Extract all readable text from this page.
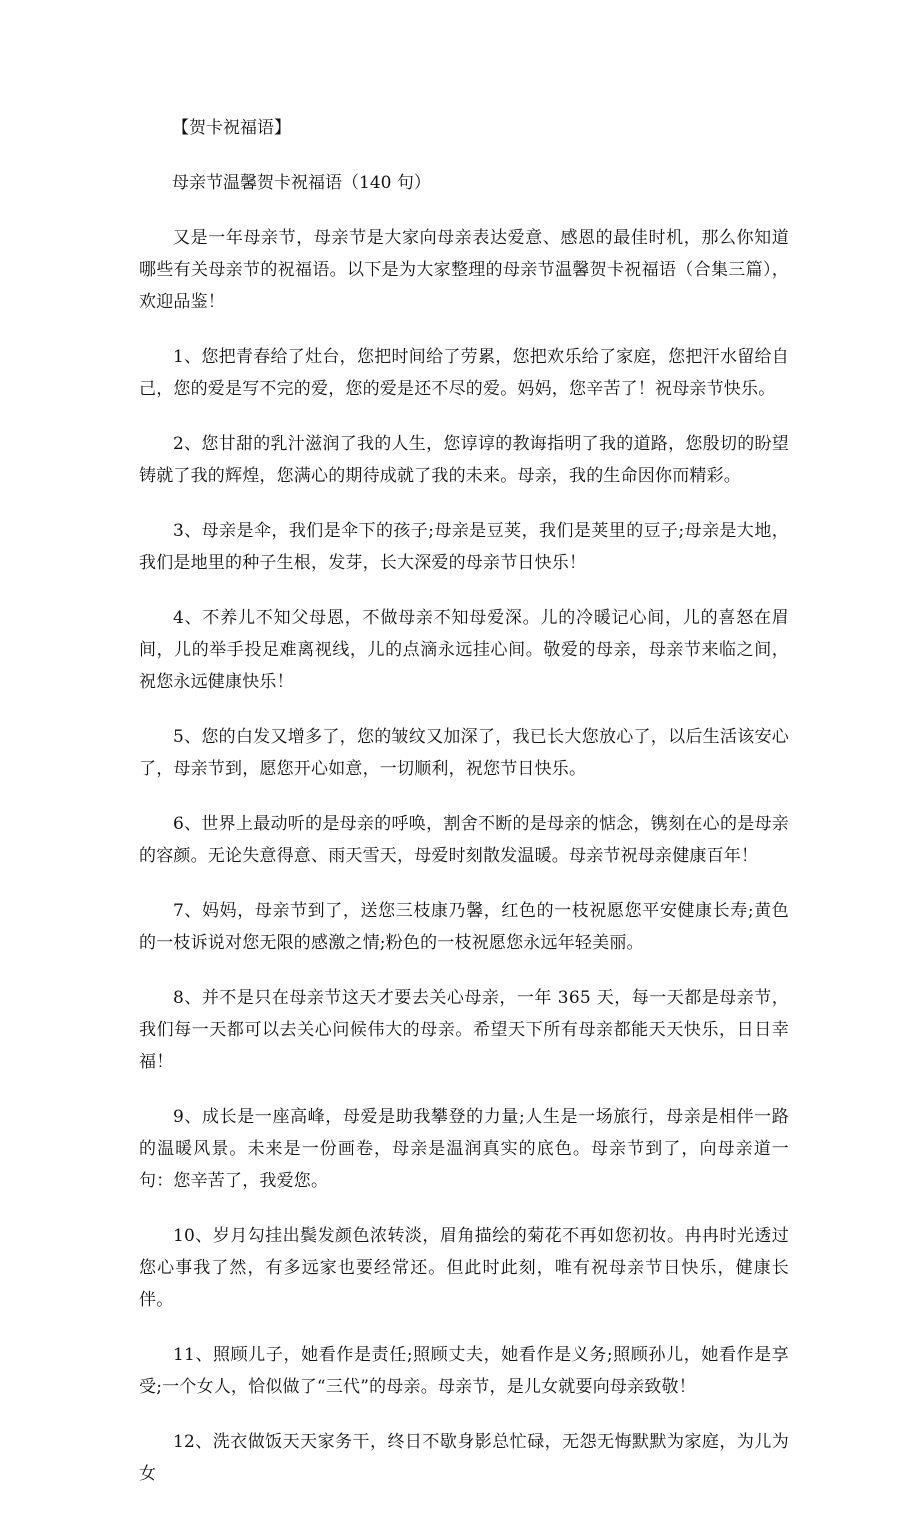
【贺卡祝福语】
母亲节温馨贺卡祝福语（140 句）

又是一年母亲节，母亲节是大家向母亲表达爱意、感恩的最佳时机，那么你知道哪些有关母亲节的祝福语。以下是为大家整理的母亲节温馨贺卡祝福语（合集三篇），欢迎品鉴！

1、您把青春给了灶台，您把时间给了劳累，您把欢乐给了家庭，您把汗水留给自己，您的爱是写不完的爱，您的爱是还不尽的爱。妈妈，您辛苦了！祝母亲节快乐。

2、您甘甜的乳汁滋润了我的人生，您谆谆的教诲指明了我的道路，您殷切的盼望铸就了我的辉煌，您满心的期待成就了我的未来。母亲，我的生命因你而精彩。

3、母亲是伞，我们是伞下的孩子;母亲是豆荚，我们是荚里的豆子;母亲是大地，我们是地里的种子生根，发芽，长大深爱的母亲节日快乐！

4、不养儿不知父母恩，不做母亲不知母爱深。儿的冷暖记心间，儿的喜怒在眉间，儿的举手投足难离视线，儿的点滴永远挂心间。敬爱的母亲，母亲节来临之间，祝您永远健康快乐！

5、您的白发又增多了，您的皱纹又加深了，我已长大您放心了，以后生活该安心了，母亲节到，愿您开心如意，一切顺利，祝您节日快乐。

6、世界上最动听的是母亲的呼唤，割舍不断的是母亲的惦念，镌刻在心的是母亲的容颜。无论失意得意、雨天雪天，母爱时刻散发温暖。母亲节祝母亲健康百年！

7、妈妈，母亲节到了，送您三枝康乃馨，红色的一枝祝愿您平安健康长寿;黄色的一枝诉说对您无限的感激之情;粉色的一枝祝愿您永远年轻美丽。

8、并不是只在母亲节这天才要去关心母亲，一年 365 天，每一天都是母亲节，我们每一天都可以去关心问候伟大的母亲。希望天下所有母亲都能天天快乐，日日幸福！

9、成长是一座高峰，母爱是助我攀登的力量;人生是一场旅行，母亲是相伴一路的温暖风景。未来是一份画卷，母亲是温润真实的底色。母亲节到了，向母亲道一句：您辛苦了，我爱您。

10、岁月勾挂出鬓发颜色浓转淡，眉角描绘的菊花不再如您初妆。冉冉时光透过您心事我了然，有多远家也要经常还。但此时此刻，唯有祝母亲节日快乐，健康长伴。

11、照顾儿子，她看作是责任;照顾丈夫，她看作是义务;照顾孙儿，她看作是享受;一个女人，恰似做了“三代”的母亲。母亲节，是儿女就要向母亲致敬！

12、洗衣做饭天天家务干，终日不歇身影总忙碌，无怨无悔默默为家庭，为儿为女
